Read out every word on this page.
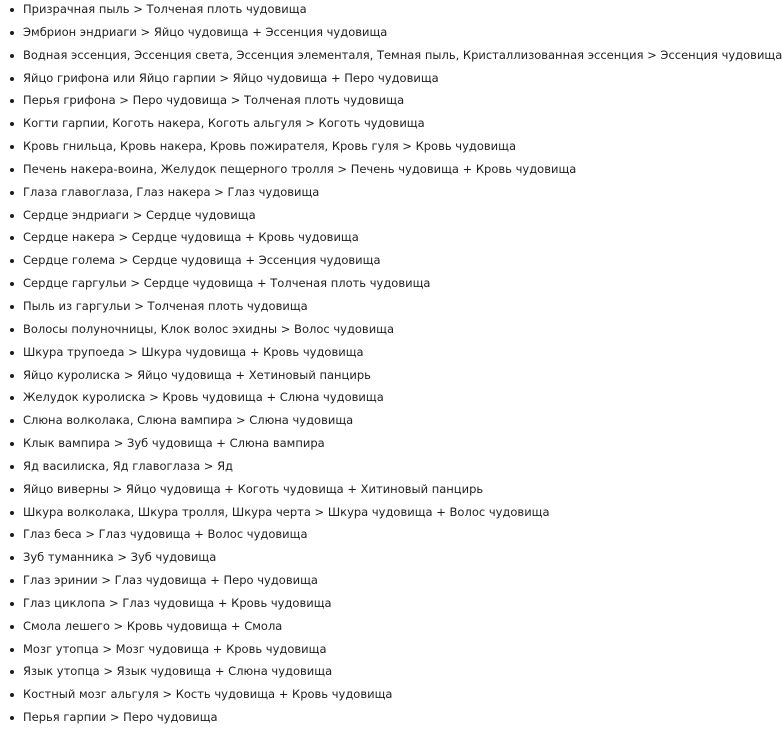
Призрачная пыль > Толченая плоть чудовища
Эмбрион эндриаги > Яйцо чудовища + Эссенция чудовища
Водная эссенция, Эссенция света, Эссенция элементаля, Темная пыль, Кристаллизованная эссенция > Эссенция чудовища
Яйцо грифона или Яйцо гарпии > Яйцо чудовища + Перо чудовища
Перья грифона > Перо чудовища > Толченая плоть чудовища
Когти гарпии, Коготь накера, Коготь альгуля > Коготь чудовища
Кровь гнильца, Кровь накера, Кровь пожирателя, Кровь гуля > Кровь чудовища
Печень накера-воина, Желудок пещерного тролля > Печень чудовища + Кровь чудовища
Глаза главоглаза, Глаз накера > Глаз чудовища
Сердце эндриаги > Сердце чудовища
Сердце накера > Сердце чудовища + Кровь чудовища
Сердце голема > Сердце чудовища + Эссенция чудовища
Сердце гаргульи > Сердце чудовища + Толченая плоть чудовища
Пыль из гаргульи > Толченая плоть чудовища
Волосы полуночницы, Клок волос эхидны > Волос чудовища
Шкура трупоеда > Шкура чудовища + Кровь чудовища
Яйцо куролиска > Яйцо чудовища + Хетиновый панцирь
Желудок куролиска > Кровь чудовища + Слюна чудовища
Слюна волколака, Слюна вампира > Слюна чудовища
Клык вампира > Зуб чудовища + Слюна вампира
Яд василиска, Яд главоглаза > Яд
Яйцо виверны > Яйцо чудовища + Коготь чудовища + Хитиновый панцирь
Шкура волколака, Шкура тролля, Шкура черта > Шкура чудовища + Волос чудовища
Глаз беса > Глаз чудовища + Волос чудовища
Зуб туманника > Зуб чудовища
Глаз эринии > Глаз чудовища + Перо чудовища
Глаз циклопа > Глаз чудовища + Кровь чудовища
Смола лешего > Кровь чудовища + Смола
Мозг утопца > Мозг чудовища + Кровь чудовища
Язык утопца > Язык чудовища + Слюна чудовища
Костный мозг альгуля > Кость чудовища + Кровь чудовища
Перья гарпии > Перо чудовища
